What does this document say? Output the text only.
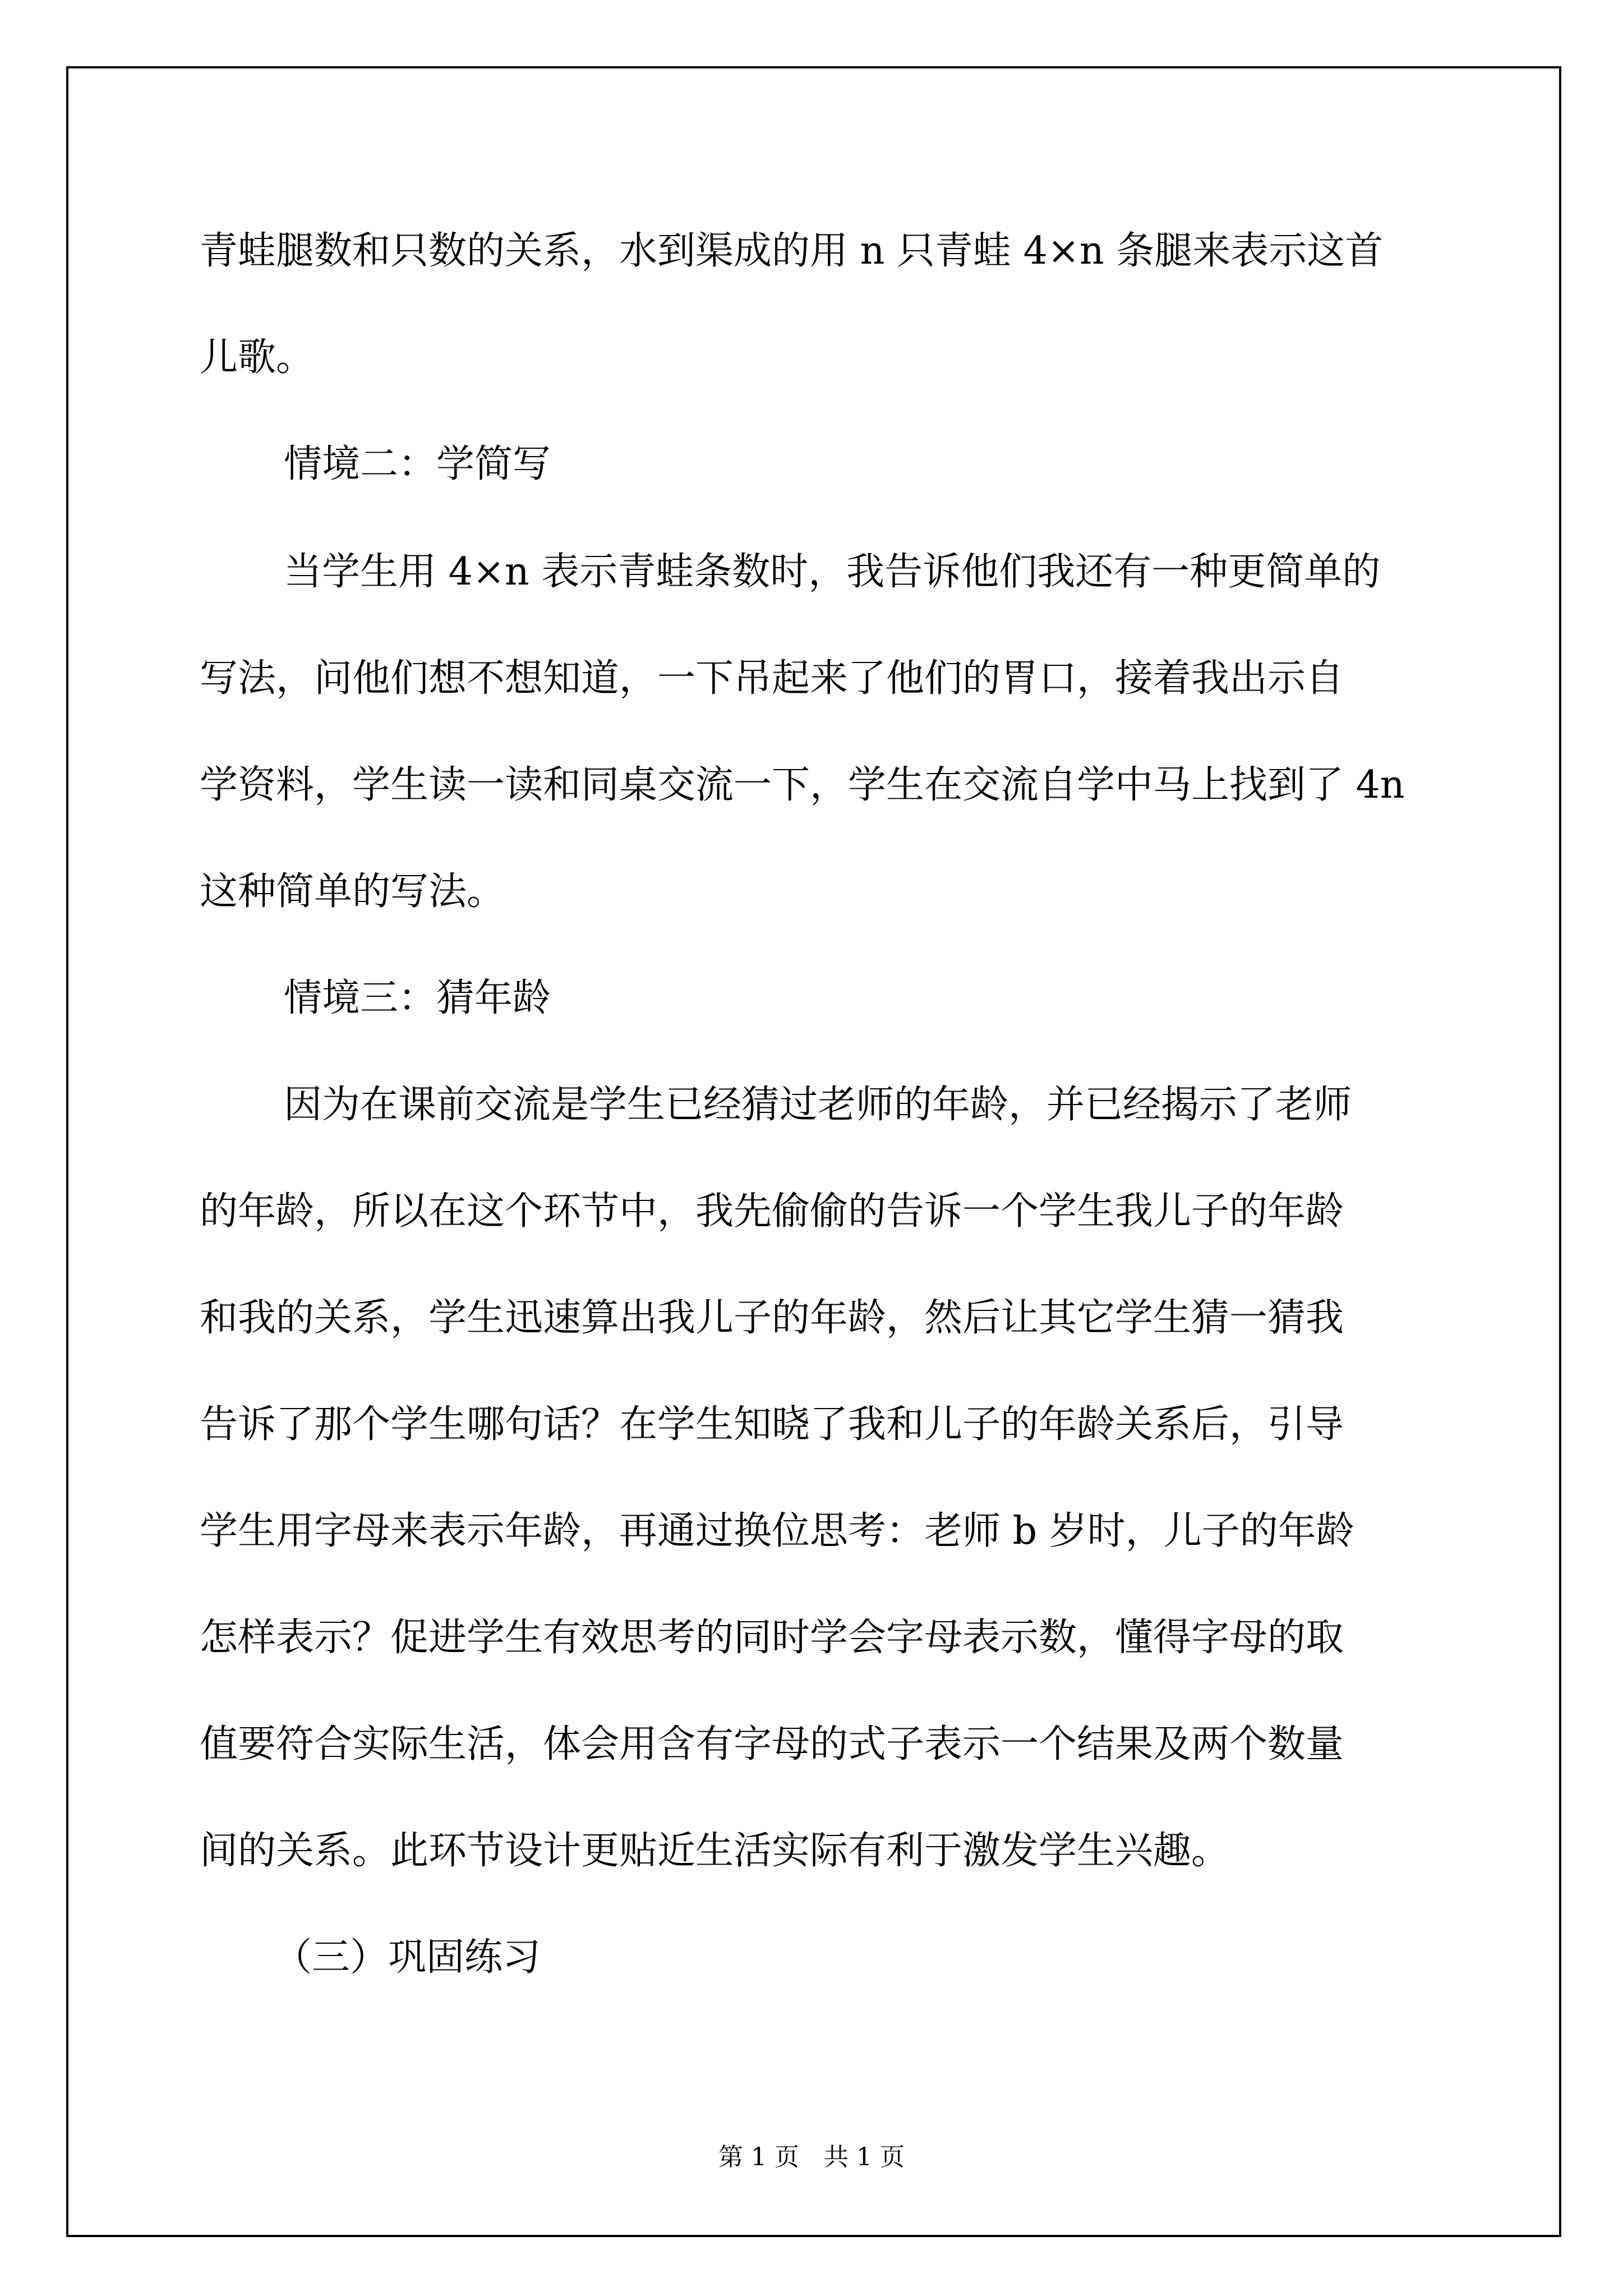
青蛙腿数和只数的关系，水到渠成的用 n 只青蛙 4×n 条腿来表示这首

儿歌。

情境二：学简写

当学生用 4×n 表示青蛙条数时，我告诉他们我还有一种更简单的

写法，问他们想不想知道，一下吊起来了他们的胃口，接着我出示自

学资料，学生读一读和同桌交流一下，学生在交流自学中马上找到了 4n

这种简单的写法。

情境三：猜年龄

因为在课前交流是学生已经猜过老师的年龄，并已经揭示了老师

的年龄，所以在这个环节中，我先偷偷的告诉一个学生我儿子的年龄

和我的关系，学生迅速算出我儿子的年龄，然后让其它学生猜一猜我

告诉了那个学生哪句话？在学生知晓了我和儿子的年龄关系后，引导

学生用字母来表示年龄，再通过换位思考：老师 b 岁时，儿子的年龄

怎样表示？促进学生有效思考的同时学会字母表示数，懂得字母的取

值要符合实际生活，体会用含有字母的式子表示一个结果及两个数量

间的关系。此环节设计更贴近生活实际有利于激发学生兴趣。

（三）巩固练习

第 1 页　共 1 页
